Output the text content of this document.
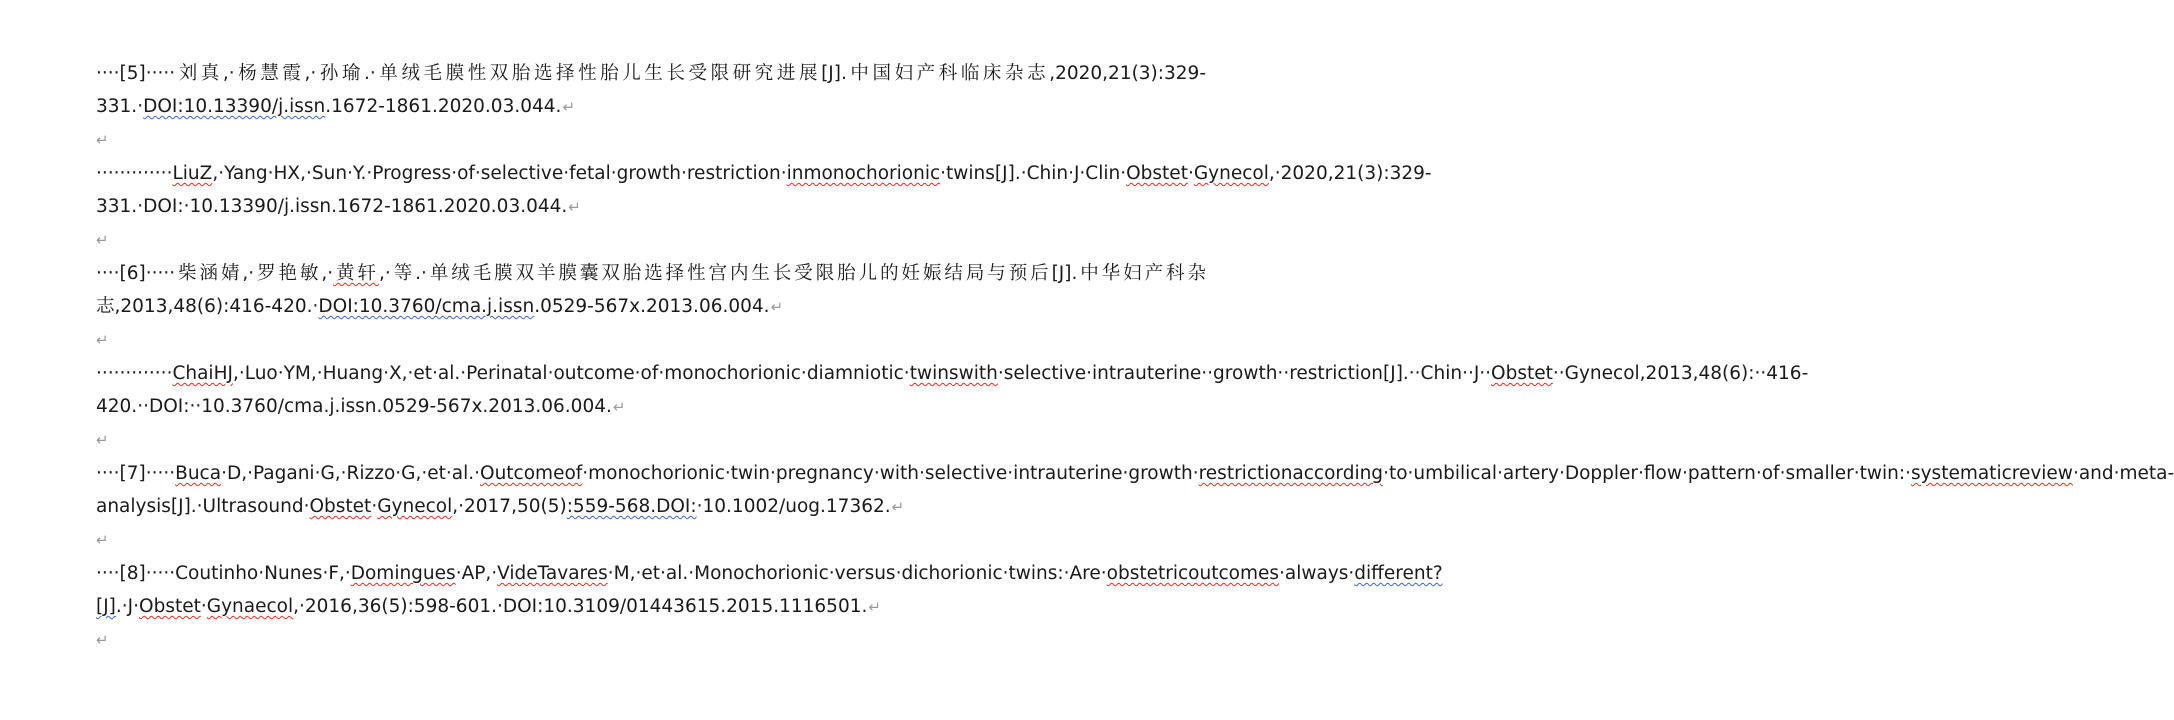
····[5]·····刘真,·杨慧霞,·孙瑜.·单绒毛膜性双胎选择性胎儿生长受限研究进展[J].中国妇产科临床杂志,2020,21(3):329-331.·DOI:10.13390/j.issn.1672-1861.2020.03.044.↵

↵

·············LiuZ,·Yang·HX,·Sun·Y.·Progress·of·selective·fetal·growth·restriction·inmonochorionic·twins[J].·Chin·J·Clin·Obstet·Gynecol,·2020,21(3):329-331.·DOI:·10.13390/j.issn.1672-1861.2020.03.044.↵

↵

····[6]·····柴涵婧,·罗艳敏,·黄轩,·等.·单绒毛膜双羊膜囊双胎选择性宫内生长受限胎儿的妊娠结局与预后[J].中华妇产科杂志,2013,48(6):416-420.·DOI:10.3760/cma.j.issn.0529-567x.2013.06.004.↵

↵

·············ChaiHJ,·Luo·YM,·Huang·X,·et·al.·Perinatal·outcome·of·monochorionic·diamniotic·twinswith·selective·intrauterine··growth··restriction[J].··Chin··J··Obstet··Gynecol,2013,48(6):··416-420.··DOI:··10.3760/cma.j.issn.0529-567x.2013.06.004.↵

↵

····[7]·····Buca·D,·Pagani·G,·Rizzo·G,·et·al.·Outcomeof·monochorionic·twin·pregnancy·with·selective·intrauterine·growth·restrictionaccording·to·umbilical·artery·Doppler·flow·pattern·of·smaller·twin:·systematicreview·and·meta-analysis[J].·Ultrasound·Obstet·Gynecol,·2017,50(5):559-568.DOI:·10.1002/uog.17362.↵

↵

····[8]·····Coutinho·Nunes·F,·Domingues·AP,·VideTavares·M,·et·al.·Monochorionic·versus·dichorionic·twins:·Are·obstetricoutcomes·always·different?[J].·J·Obstet·Gynaecol,·2016,36(5):598-601.·DOI:10.3109/01443615.2015.1116501.↵

↵
